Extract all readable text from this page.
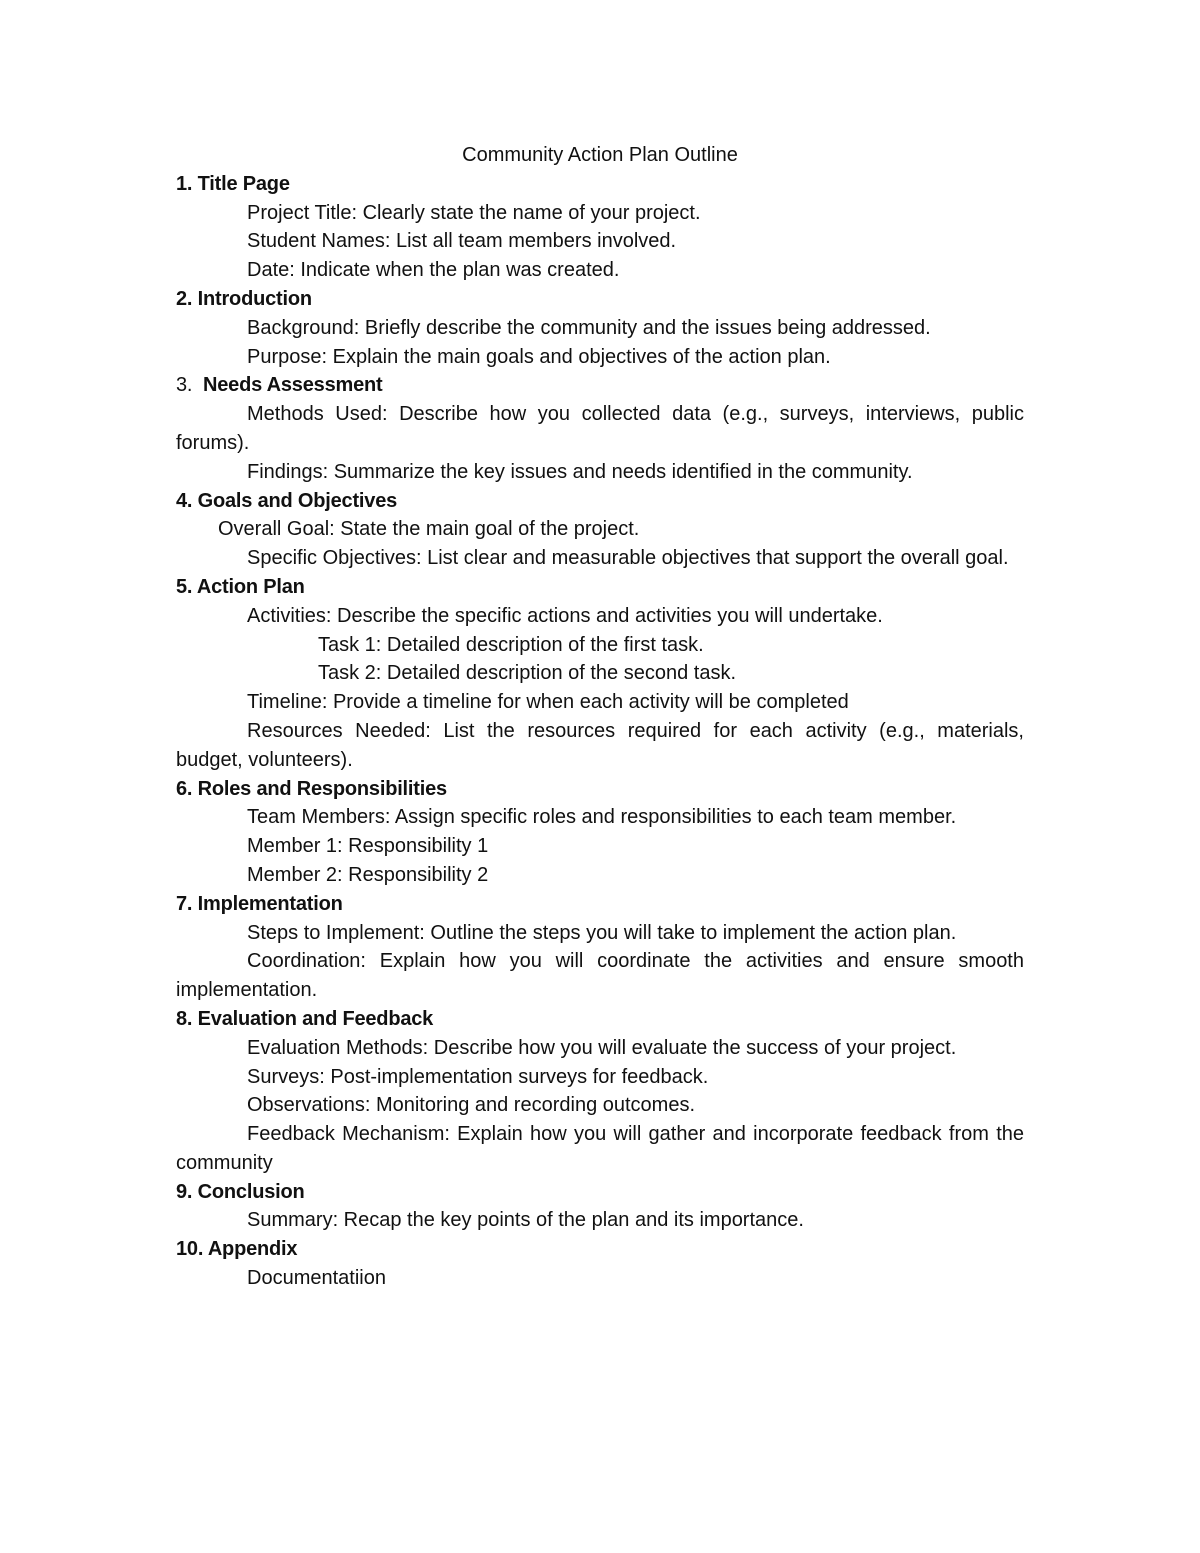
Community Action Plan Outline

1. Title Page

Project Title: Clearly state the name of your project.

Student Names: List all team members involved.

Date: Indicate when the plan was created.

2. Introduction

Background: Briefly describe the community and the issues being addressed.

Purpose: Explain the main goals and objectives of the action plan.

3. Needs Assessment

Methods Used: Describe how you collected data (e.g., surveys, interviews, public forums).

Findings: Summarize the key issues and needs identified in the community.

4. Goals and Objectives

Overall Goal: State the main goal of the project.

Specific Objectives: List clear and measurable objectives that support the overall goal.

5. Action Plan

Activities: Describe the specific actions and activities you will undertake.

Task 1: Detailed description of the first task.

Task 2: Detailed description of the second task.

Timeline: Provide a timeline for when each activity will be completed

Resources Needed: List the resources required for each activity (e.g., materials, budget, volunteers).

6. Roles and Responsibilities

Team Members: Assign specific roles and responsibilities to each team member.

Member 1: Responsibility 1

Member 2: Responsibility 2

7. Implementation

Steps to Implement: Outline the steps you will take to implement the action plan.

Coordination: Explain how you will coordinate the activities and ensure smooth implementation.

8. Evaluation and Feedback

Evaluation Methods: Describe how you will evaluate the success of your project.

Surveys: Post-implementation surveys for feedback.

Observations: Monitoring and recording outcomes.

Feedback Mechanism: Explain how you will gather and incorporate feedback from the community

9. Conclusion

Summary: Recap the key points of the plan and its importance.

10. Appendix

Documentatiion
